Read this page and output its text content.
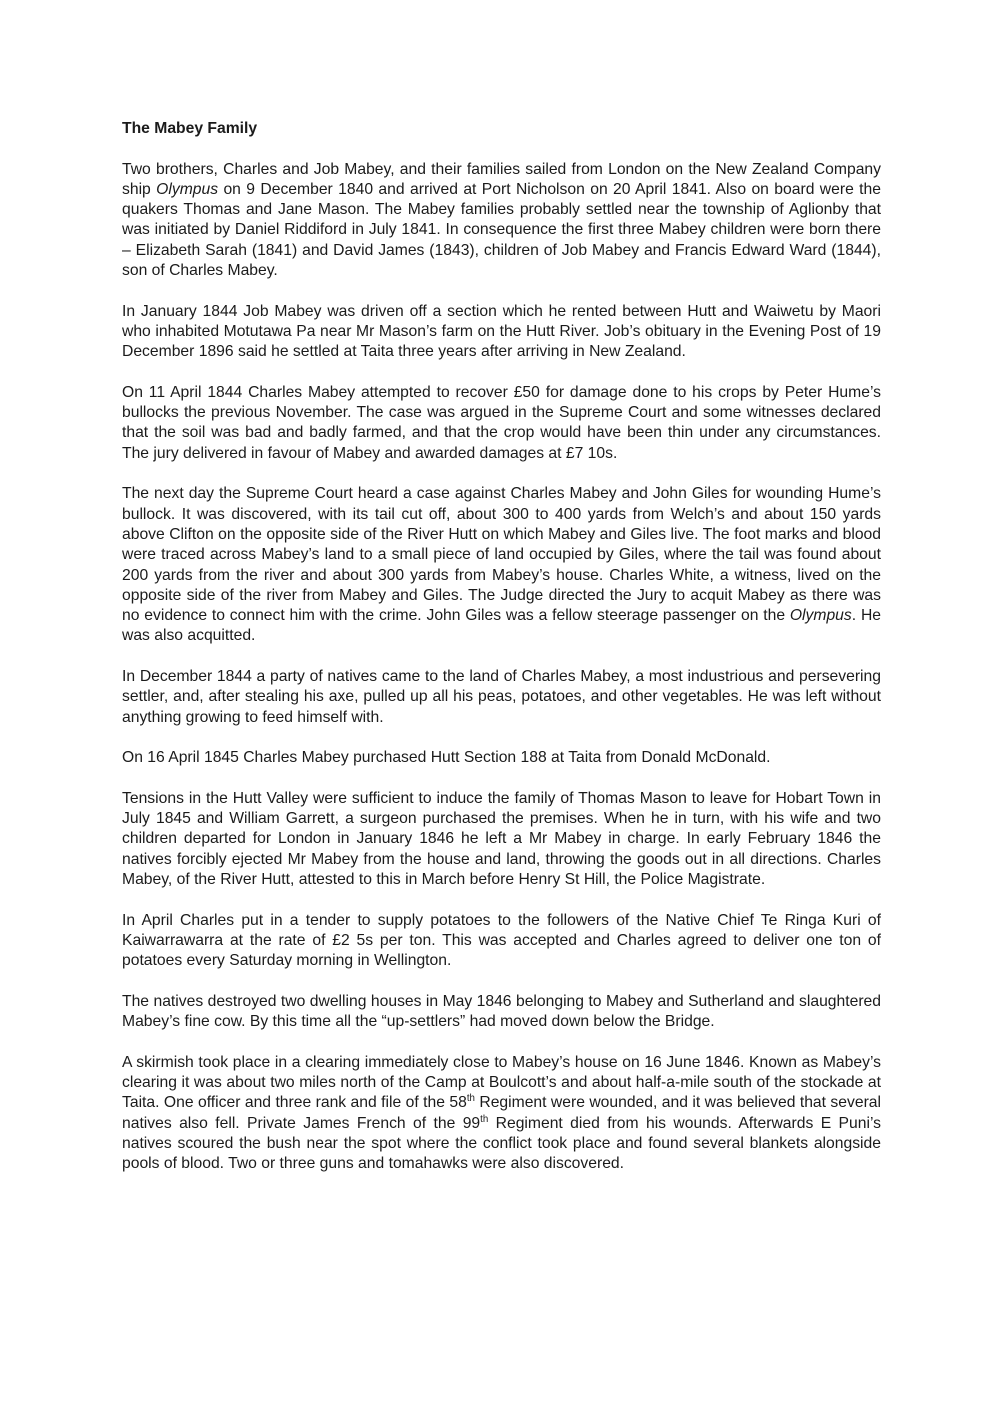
The Mabey Family

Two brothers, Charles and Job Mabey, and their families sailed from London on the New Zealand Company ship Olympus on 9 December 1840 and arrived at Port Nicholson on 20 April 1841. Also on board were the quakers Thomas and Jane Mason. The Mabey families probably settled near the township of Aglionby that was initiated by Daniel Riddiford in July 1841. In consequence the first three Mabey children were born there – Elizabeth Sarah (1841) and David James (1843), children of Job Mabey and Francis Edward Ward (1844), son of Charles Mabey.

In January 1844 Job Mabey was driven off a section which he rented between Hutt and Waiwetu by Maori who inhabited Motutawa Pa near Mr Mason’s farm on the Hutt River. Job’s obituary in the Evening Post of 19 December 1896 said he settled at Taita three years after arriving in New Zealand.

On 11 April 1844 Charles Mabey attempted to recover £50 for damage done to his crops by Peter Hume’s bullocks the previous November. The case was argued in the Supreme Court and some witnesses declared that the soil was bad and badly farmed, and that the crop would have been thin under any circumstances. The jury delivered in favour of Mabey and awarded damages at £7 10s.

The next day the Supreme Court heard a case against Charles Mabey and John Giles for wounding Hume’s bullock. It was discovered, with its tail cut off, about 300 to 400 yards from Welch’s and about 150 yards above Clifton on the opposite side of the River Hutt on which Mabey and Giles live. The foot marks and blood were traced across Mabey’s land to a small piece of land occupied by Giles, where the tail was found about 200 yards from the river and about 300 yards from Mabey’s house. Charles White, a witness, lived on the opposite side of the river from Mabey and Giles. The Judge directed the Jury to acquit Mabey as there was no evidence to connect him with the crime. John Giles was a fellow steerage passenger on the Olympus. He was also acquitted.

In December 1844 a party of natives came to the land of Charles Mabey, a most industrious and persevering settler, and, after stealing his axe, pulled up all his peas, potatoes, and other vegetables. He was left without anything growing to feed himself with.

On 16 April 1845 Charles Mabey purchased Hutt Section 188 at Taita from Donald McDonald.

Tensions in the Hutt Valley were sufficient to induce the family of Thomas Mason to leave for Hobart Town in July 1845 and William Garrett, a surgeon purchased the premises. When he in turn, with his wife and two children departed for London in January 1846 he left a Mr Mabey in charge. In early February 1846 the natives forcibly ejected Mr Mabey from the house and land, throwing the goods out in all directions. Charles Mabey, of the River Hutt, attested to this in March before Henry St Hill, the Police Magistrate.

In April Charles put in a tender to supply potatoes to the followers of the Native Chief Te Ringa Kuri of Kaiwarrawarra at the rate of £2 5s per ton. This was accepted and Charles agreed to deliver one ton of potatoes every Saturday morning in Wellington.

The natives destroyed two dwelling houses in May 1846 belonging to Mabey and Sutherland and slaughtered Mabey’s fine cow. By this time all the “up-settlers” had moved down below the Bridge.

A skirmish took place in a clearing immediately close to Mabey’s house on 16 June 1846. Known as Mabey’s clearing it was about two miles north of the Camp at Boulcott’s and about half-a-mile south of the stockade at Taita. One officer and three rank and file of the 58th Regiment were wounded, and it was believed that several natives also fell. Private James French of the 99th Regiment died from his wounds. Afterwards E Puni’s natives scoured the bush near the spot where the conflict took place and found several blankets alongside pools of blood. Two or three guns and tomahawks were also discovered.
